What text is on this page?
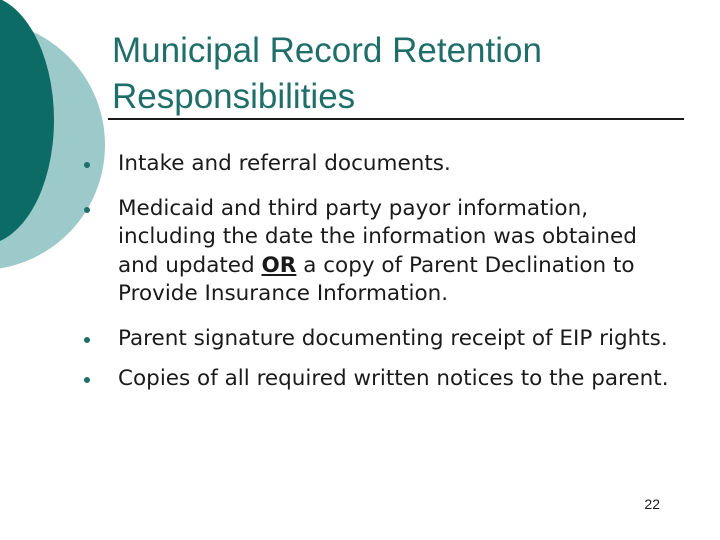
Municipal Record Retention Responsibilities
Intake and referral documents.
Medicaid and third party payor information, including the date the information was obtained and updated OR a copy of Parent Declination to Provide Insurance Information.
Parent signature documenting receipt of EIP rights.
Copies of all required written notices to the parent.
22
